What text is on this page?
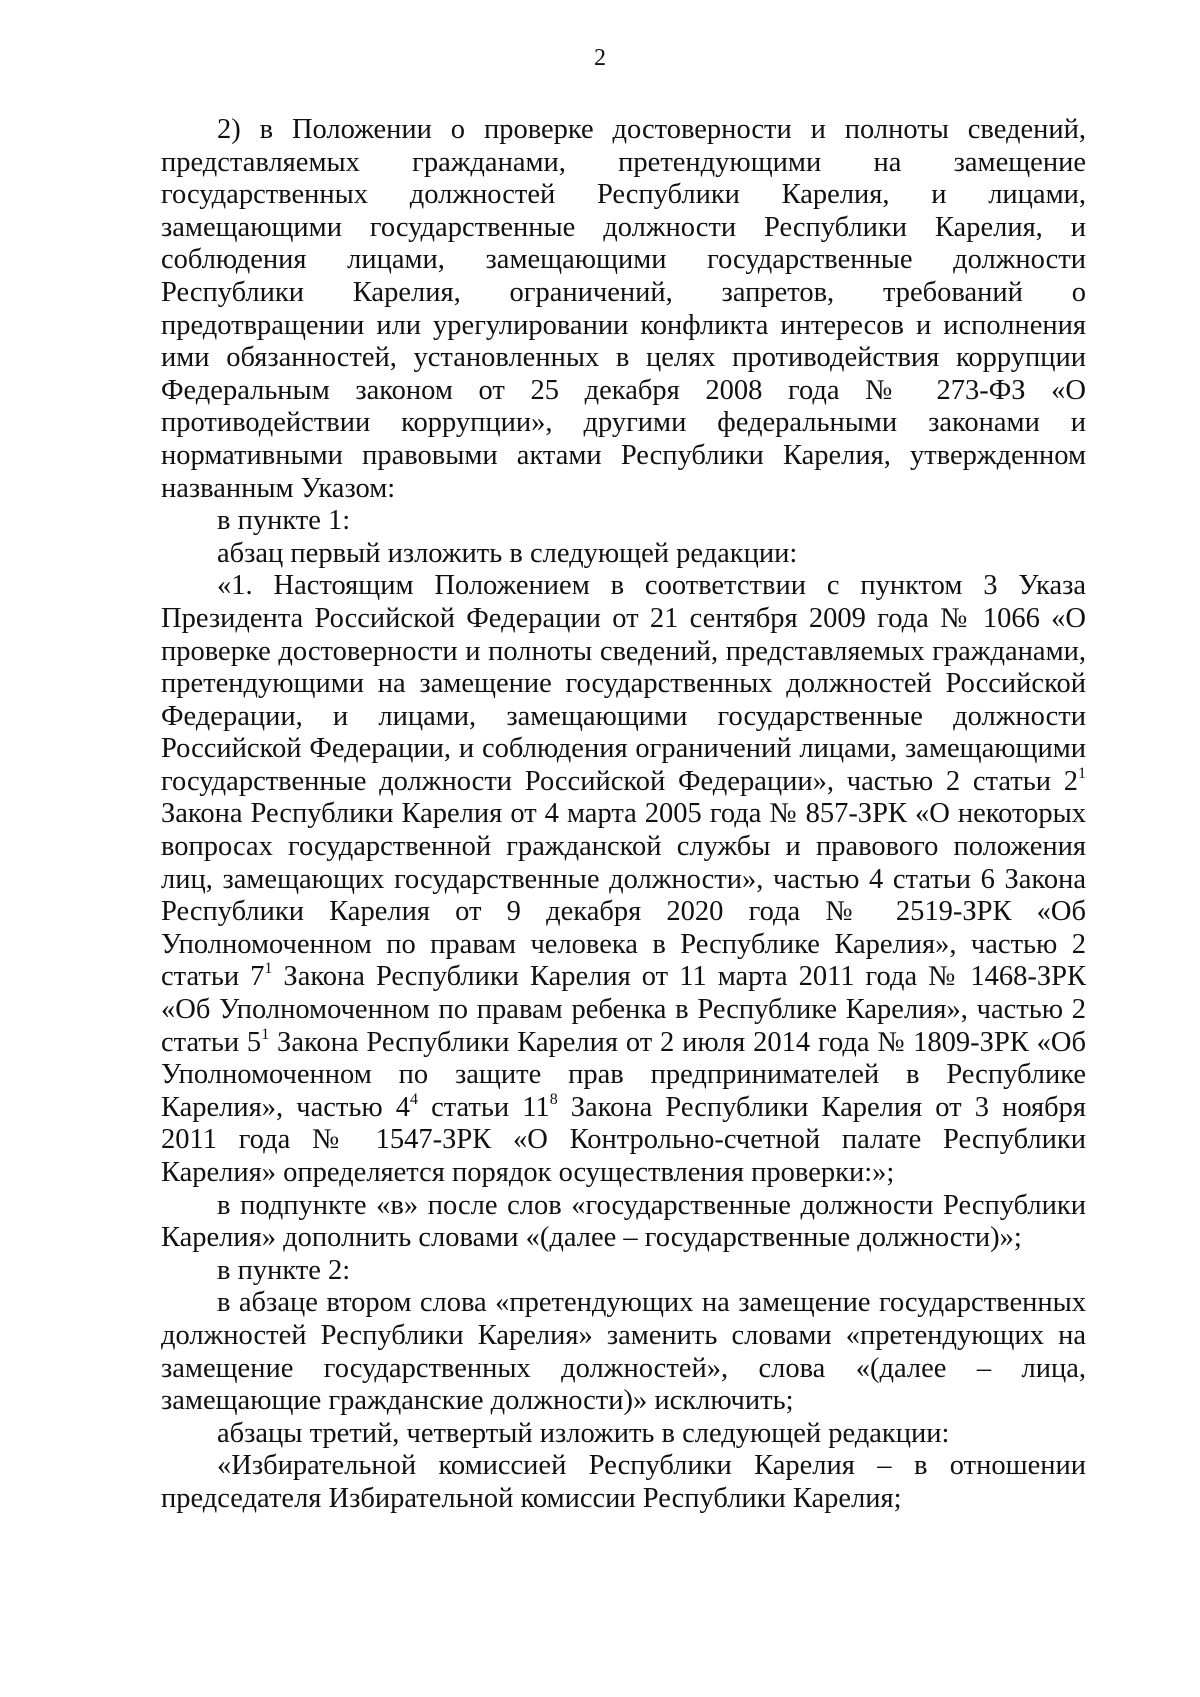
2

2) в Положении о проверке достоверности и полноты сведений, представляемых гражданами, претендующими на замещение государственных должностей Республики Карелия, и лицами, замещающими государственные должности Республики Карелия, и соблюдения лицами, замещающими государственные должности Республики Карелия, ограничений, запретов, требований о предотвращении или урегулировании конфликта интересов и исполнения ими обязанностей, установленных в целях противодействия коррупции Федеральным законом от 25 декабря 2008 года № 273-ФЗ «О противодействии коррупции», другими федеральными законами и нормативными правовыми актами Республики Карелия, утвержденном названным Указом:

в пункте 1:

абзац первый изложить в следующей редакции:

«1. Настоящим Положением в соответствии с пунктом 3 Указа Президента Российской Федерации от 21 сентября 2009 года № 1066 «О проверке достоверности и полноты сведений, представляемых гражданами, претендующими на замещение государственных должностей Российской Федерации, и лицами, замещающими государственные должности Российской Федерации, и соблюдения ограничений лицами, замещающими государственные должности Российской Федерации», частью 2 статьи $2^1$ Закона Республики Карелия от 4 марта 2005 года № 857-ЗРК «О некоторых вопросах государственной гражданской службы и правового положения лиц, замещающих государственные должности», частью 4 статьи 6 Закона Республики Карелия от 9 декабря 2020 года № 2519-ЗРК «Об Уполномоченном по правам человека в Республике Карелия», частью 2 статьи $7^1$ Закона Республики Карелия от 11 марта 2011 года № 1468-ЗРК «Об Уполномоченном по правам ребенка в Республике Карелия», частью 2 статьи $5^1$ Закона Республики Карелия от 2 июля 2014 года № 1809-ЗРК «Об Уполномоченном по защите прав предпринимателей в Республике Карелия», частью $4^4$ статьи $11^8$ Закона Республики Карелия от 3 ноября 2011 года № 1547-ЗРК «О Контрольно-счетной палате Республики Карелия» определяется порядок осуществления проверки:»;

в подпункте «в» после слов «государственные должности Республики Карелия» дополнить словами «(далее – государственные должности)»;

в пункте 2:

в абзаце втором слова «претендующих на замещение государственных должностей Республики Карелия» заменить словами «претендующих на замещение государственных должностей», слова «(далее – лица, замещающие гражданские должности)» исключить;

абзацы третий, четвертый изложить в следующей редакции:

«Избирательной комиссией Республики Карелия – в отношении председателя Избирательной комиссии Республики Карелия;
